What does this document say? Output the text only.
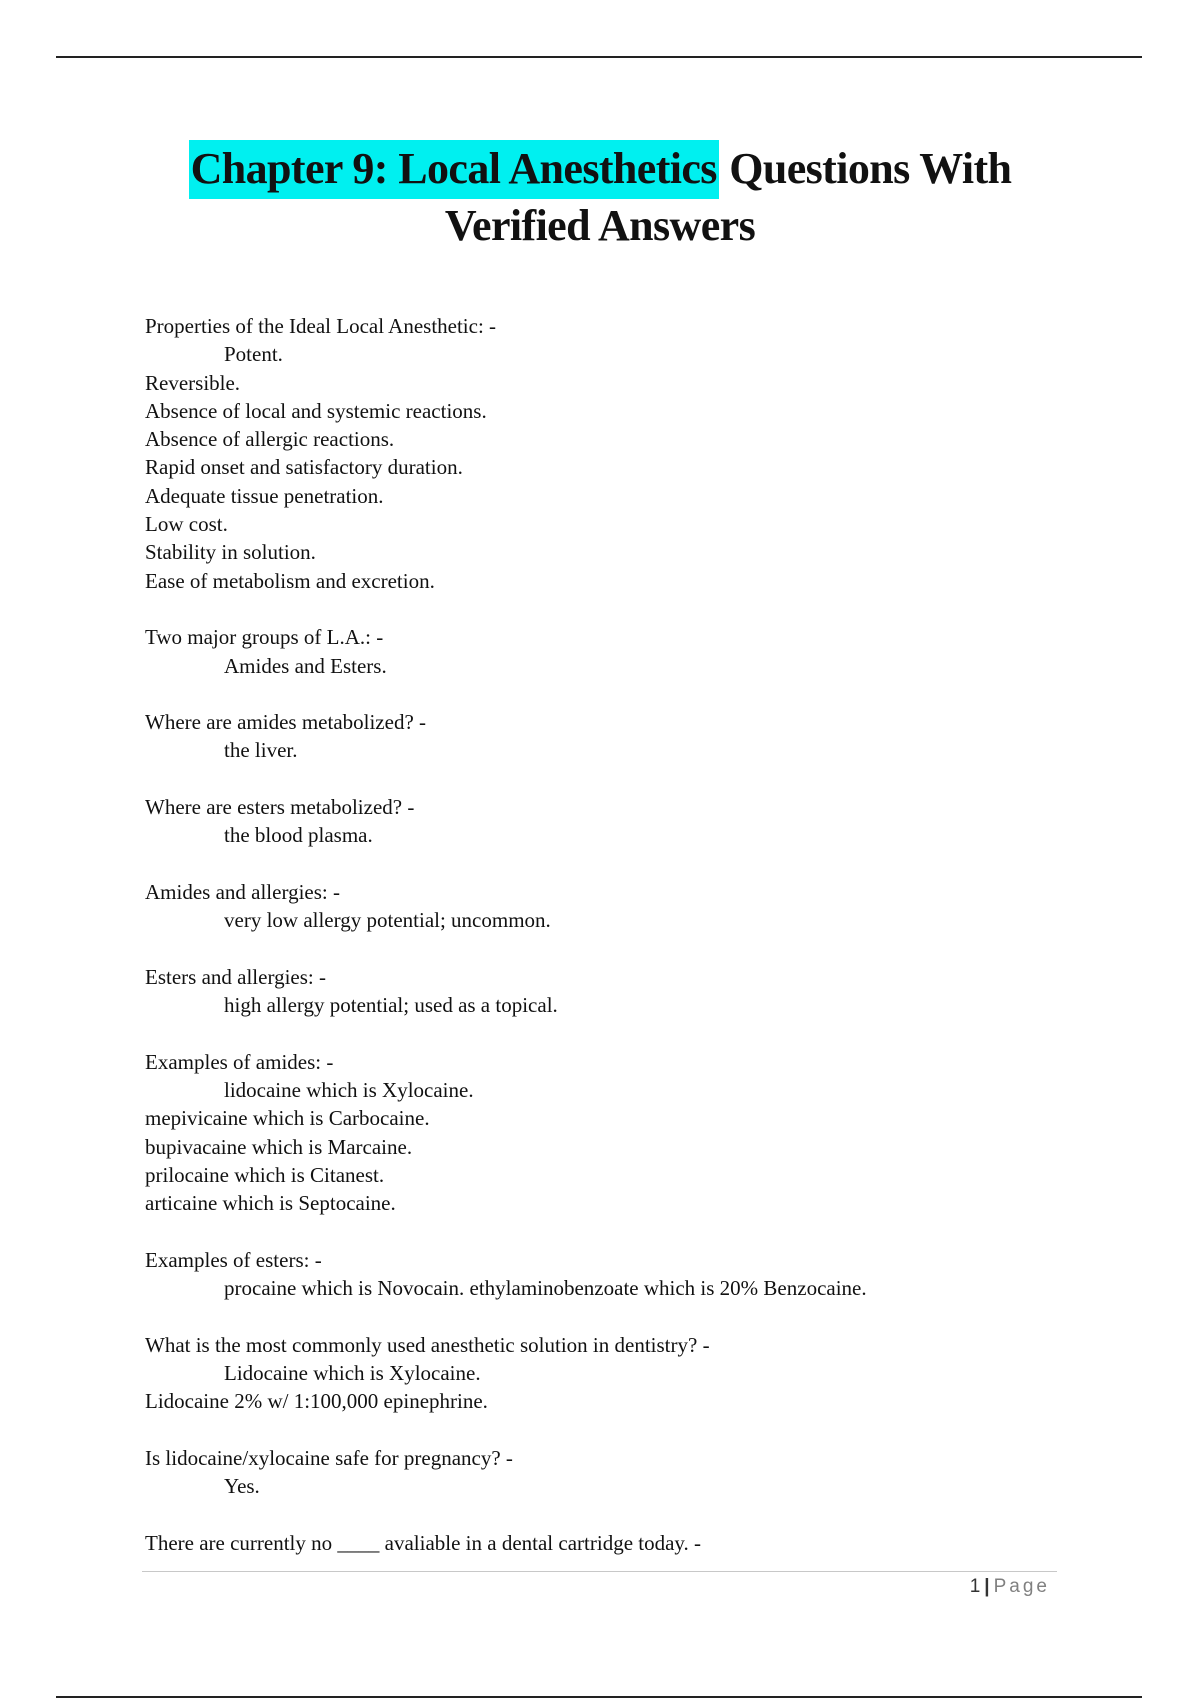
Chapter 9: Local Anesthetics Questions With
Verified Answers
Properties of the Ideal Local Anesthetic: -
Potent.
Reversible.
Absence of local and systemic reactions.
Absence of allergic reactions.
Rapid onset and satisfactory duration.
Adequate tissue penetration.
Low cost.
Stability in solution.
Ease of metabolism and excretion.
Two major groups of L.A.: -
Amides and Esters.
Where are amides metabolized? -
the liver.
Where are esters metabolized? -
the blood plasma.
Amides and allergies: -
very low allergy potential; uncommon.
Esters and allergies: -
high allergy potential; used as a topical.
Examples of amides: -
lidocaine which is Xylocaine.
mepivicaine which is Carbocaine.
bupivacaine which is Marcaine.
prilocaine which is Citanest.
articaine which is Septocaine.
Examples of esters: -
procaine which is Novocain. ethylaminobenzoate which is 20% Benzocaine.
What is the most commonly used anesthetic solution in dentistry? -
Lidocaine which is Xylocaine.
Lidocaine 2% w/ 1:100,000 epinephrine.
Is lidocaine/xylocaine safe for pregnancy? -
Yes.
There are currently no ____ avaliable in a dental cartridge today. -
1 | Page
